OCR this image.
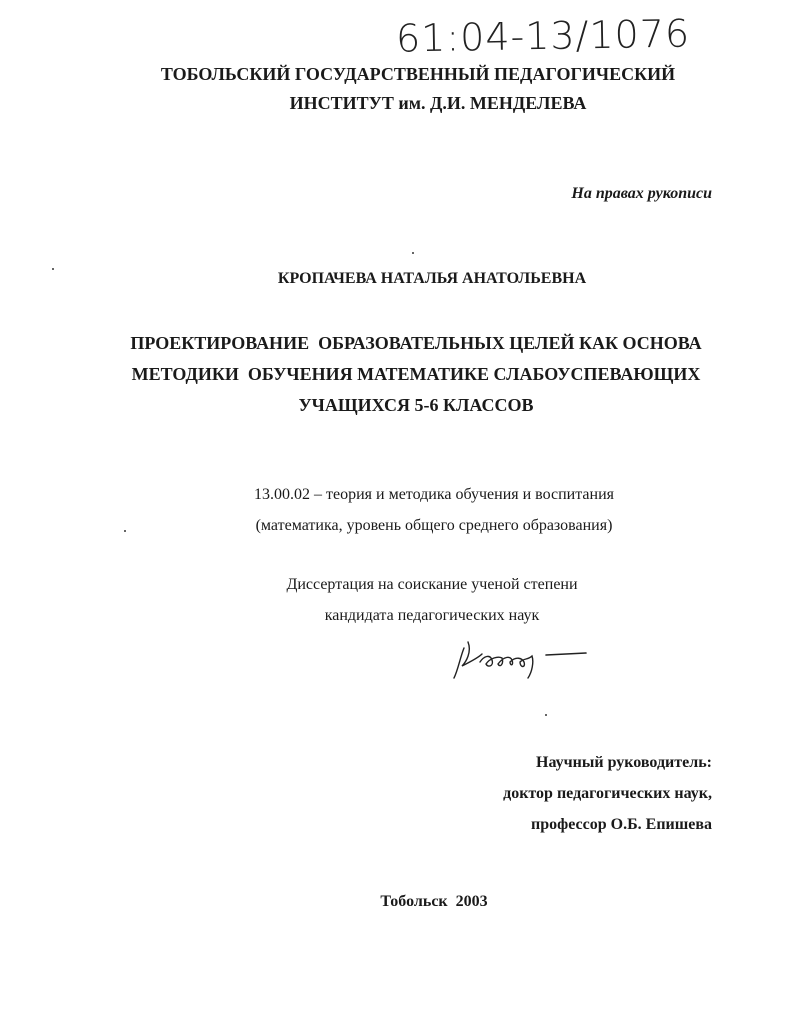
61:04-13/1076
ТОБОЛЬСКИЙ ГОСУДАРСТВЕННЫЙ ПЕДАГОГИЧЕСКИЙ
ИНСТИТУТ им. Д.И. МЕНДЕЛЕВА
На правах рукописи
КРОПАЧЕВА НАТАЛЬЯ АНАТОЛЬЕВНА
ПРОЕКТИРОВАНИЕ  ОБРАЗОВАТЕЛЬНЫХ ЦЕЛЕЙ КАК ОСНОВА
МЕТОДИКИ  ОБУЧЕНИЯ МАТЕМАТИКЕ СЛАБОУСПЕВАЮЩИХ
УЧАЩИХСЯ 5-6 КЛАССОВ
13.00.02 – теория и методика обучения и воспитания
(математика, уровень общего среднего образования)
Диссертация на соискание ученой степени
кандидата педагогических наук
Научный руководитель:
доктор педагогических наук,
профессор О.Б. Епишева
Тобольск  2003
